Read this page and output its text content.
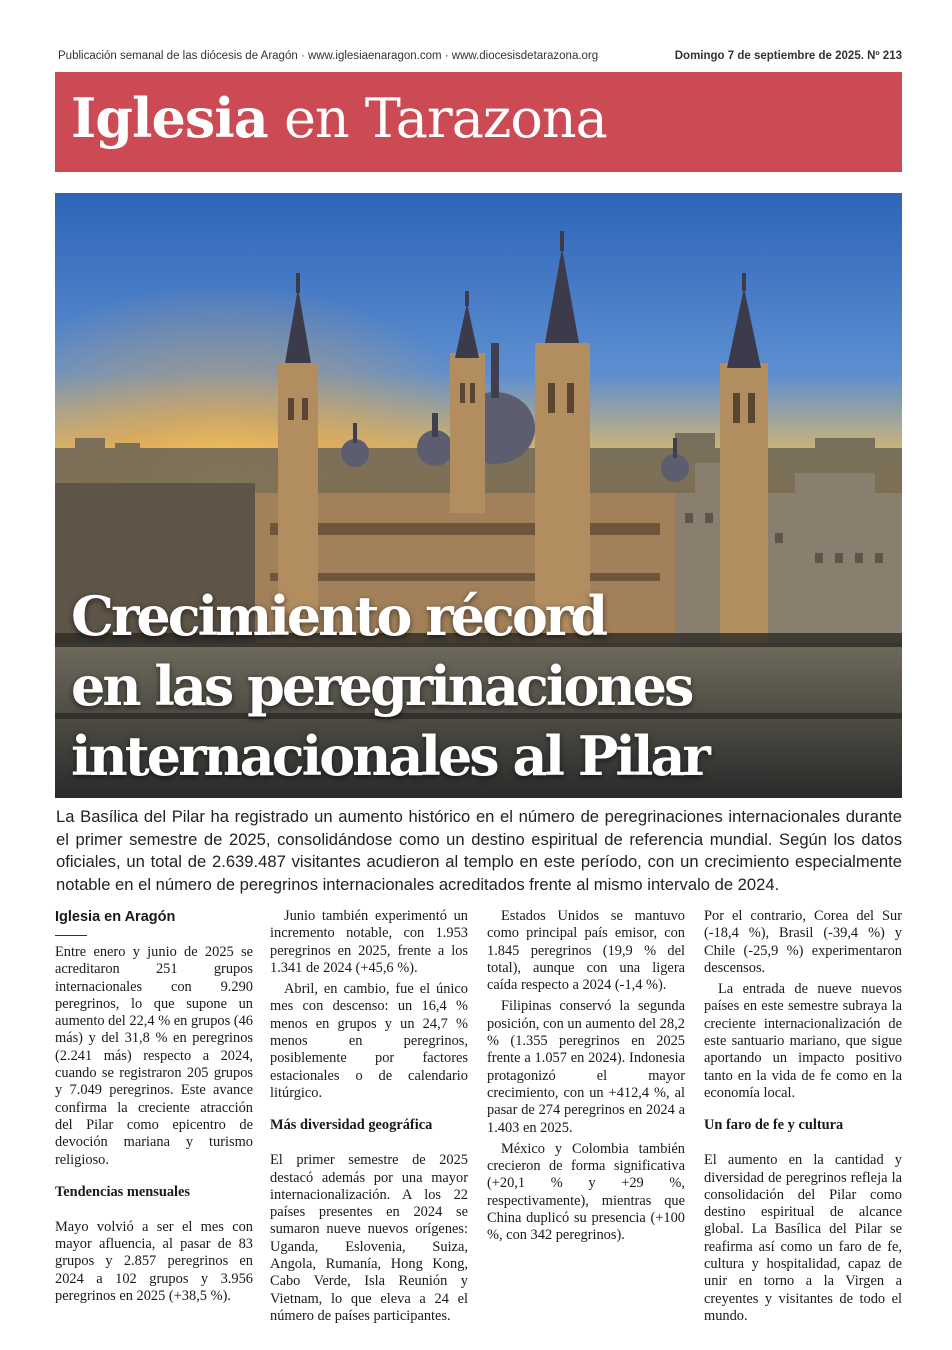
Publicación semanal de las diócesis de Aragón · www.iglesiaenaragon.com · www.diocesisdetarazona.org	Domingo 7 de septiembre de 2025. Nº 213
Iglesia en Tarazona
Crecimiento récord
en las peregrinaciones
internacionales al Pilar
La Basílica del Pilar ha registrado un aumento histórico en el número de peregrinaciones internacionales durante el primer semestre de 2025, consolidándose como un destino espiritual de referencia mundial. Según los datos oficiales, un total de 2.639.487 visitantes acudieron al templo en este período, con un crecimiento especialmente notable en el número de peregrinos internacionales acreditados frente al mismo intervalo de 2024.
Iglesia en Aragón

Entre enero y junio de 2025 se acreditaron 251 grupos internacionales con 9.290 peregrinos, lo que supone un aumento del 22,4 % en grupos (46 más) y del 31,8 % en peregrinos (2.241 más) respecto a 2024, cuando se registraron 205 grupos y 7.049 peregrinos. Este avance confirma la creciente atracción del Pilar como epicentro de devoción mariana y turismo religioso.

Tendencias mensuales

Mayo volvió a ser el mes con mayor afluencia, al pasar de 83 grupos y 2.857 peregrinos en 2024 a 102 grupos y 3.956 peregrinos en 2025 (+38,5 %).

Junio también experimentó un incremento notable, con 1.953 peregrinos en 2025, frente a los 1.341 de 2024 (+45,6 %).

Abril, en cambio, fue el único mes con descenso: un 16,4 % menos en grupos y un 24,7 % menos en peregrinos, posiblemente por factores estacionales o de calendario litúrgico.

Más diversidad geográfica

El primer semestre de 2025 destacó además por una mayor internacionalización. A los 22 países presentes en 2024 se sumaron nueve nuevos orígenes: Uganda, Eslovenia, Suiza, Angola, Rumanía, Hong Kong, Cabo Verde, Isla Reunión y Vietnam, lo que eleva a 24 el número de países participantes.

Estados Unidos se mantuvo como principal país emisor, con 1.845 peregrinos (19,9 % del total), aunque con una ligera caída respecto a 2024 (-1,4 %).

Filipinas conservó la segunda posición, con un aumento del 28,2 % (1.355 peregrinos en 2025 frente a 1.057 en 2024). Indonesia protagonizó el mayor crecimiento, con un +412,4 %, al pasar de 274 peregrinos en 2024 a 1.403 en 2025.

México y Colombia también crecieron de forma significativa (+20,1 % y +29 %, respectivamente), mientras que China duplicó su presencia (+100 %, con 342 peregrinos).

Por el contrario, Corea del Sur (-18,4 %), Brasil (-39,4 %) y Chile (-25,9 %) experimentaron descensos.

La entrada de nueve nuevos países en este semestre subraya la creciente internacionalización de este santuario mariano, que sigue aportando un impacto positivo tanto en la vida de fe como en la economía local.

Un faro de fe y cultura

El aumento en la cantidad y diversidad de peregrinos refleja la consolidación del Pilar como destino espiritual de alcance global. La Basílica del Pilar se reafirma así como un faro de fe, cultura y hospitalidad, capaz de unir en torno a la Virgen a creyentes y visitantes de todo el mundo.
